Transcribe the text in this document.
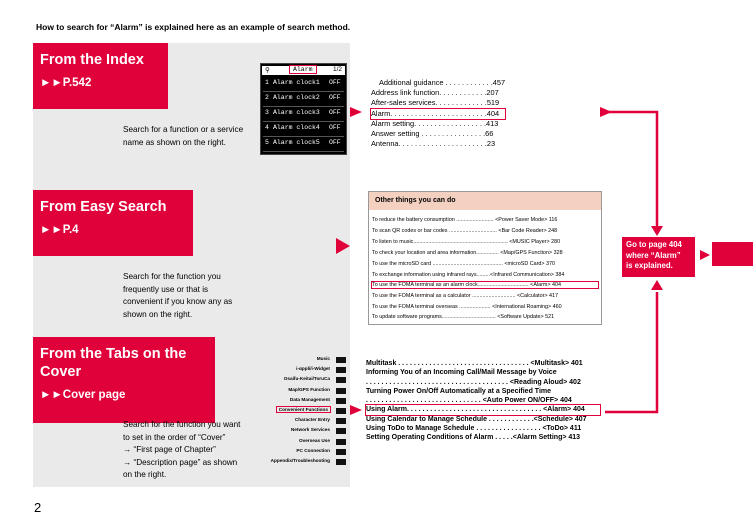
How to search for “Alarm” is explained here as an example of search method.
From the Index
►►P.542
Search for a function or a service
name as shown on the right.
From Easy Search
►►P.4
Search for the function you
frequently use or that is
convenient if you know any as
shown on the right.
From the Tabs on the
Cover
►►Cover page
Search for the function you want
to set in the order of “Cover”
→ “First page of Chapter”
→ “Description page” as shown
on the right.
⚲	Alarm	1/2
1 Alarm clock1 OFF
2 Alarm clock2 OFF
3 Alarm clock3 OFF
4 Alarm clock4 OFF
5 Alarm clock5 OFF
Additional guidance . . . . . . . . . . . .457
Address link function. . . . . . . . . . . .207
After-sales services. . . . . . . . . . . . .519
Alarm. . . . . . . . . . . . . . . . . . . . . . . .404
Alarm setting. . . . . . . . . . . . . . . . . .413
Answer setting . . . . . . . . . . . . . . . .66
Antenna. . . . . . . . . . . . . . . . . . . . . .23
Other things you can do
To reduce the battery consumption ......................... <Power Saver Mode> 116
To scan QR codes or bar codes ................................ <Bar Code Reader> 248
To listen to music............................................................... <MUSIC Player> 280
To check your location and area information............... <Map/GPS Function> 328
To use the microSD card ............................................... <microSD Card> 370
To exchange information using infrared rays.........<Infrared Communication> 384
To use the FOMA terminal as an alarm clock.................................. <Alarm> 404
To use the FOMA terminal as a calculator ............................. <Calculator> 417
To use the FOMA terminal overseas ..................... <International Roaming> 460
To update software programs.................................... <Software Update> 521
Music
i-αppli/i-Widget
Osaifu-Keitai/ToruCa
Map/GPS Function
Data Management
Convenient Functions
Character Entry
Network Services
Overseas Use
PC Connection
Appendix/Troubleshooting
Multitask . . . . . . . . . . . . . . . . . . . . . . . . . . . . . . . . . . <Multitask> 401
Informing You of an Incoming Call/Mail Message by Voice
. . . . . . . . . . . . . . . . . . . . . . . . . . . . . . . . . . . . . <Reading Aloud> 402
Turning Power On/Off Automatically at a Specified Time
. . . . . . . . . . . . . . . . . . . . . . . . . . . . . . <Auto Power ON/OFF> 404
Using Alarm. . . . . . . . . . . . . . . . . . . . . . . . . . . . . . . . . . . <Alarm> 404
Using Calendar to Manage Schedule . . . . . . . . . . . .<Schedule> 407
Using ToDo to Manage Schedule . . . . . . . . . . . . . . . . . <ToDo> 411
Setting Operating Conditions of Alarm . . . . .<Alarm Setting> 413
Go to page 404
where “Alarm”
is explained.
2
